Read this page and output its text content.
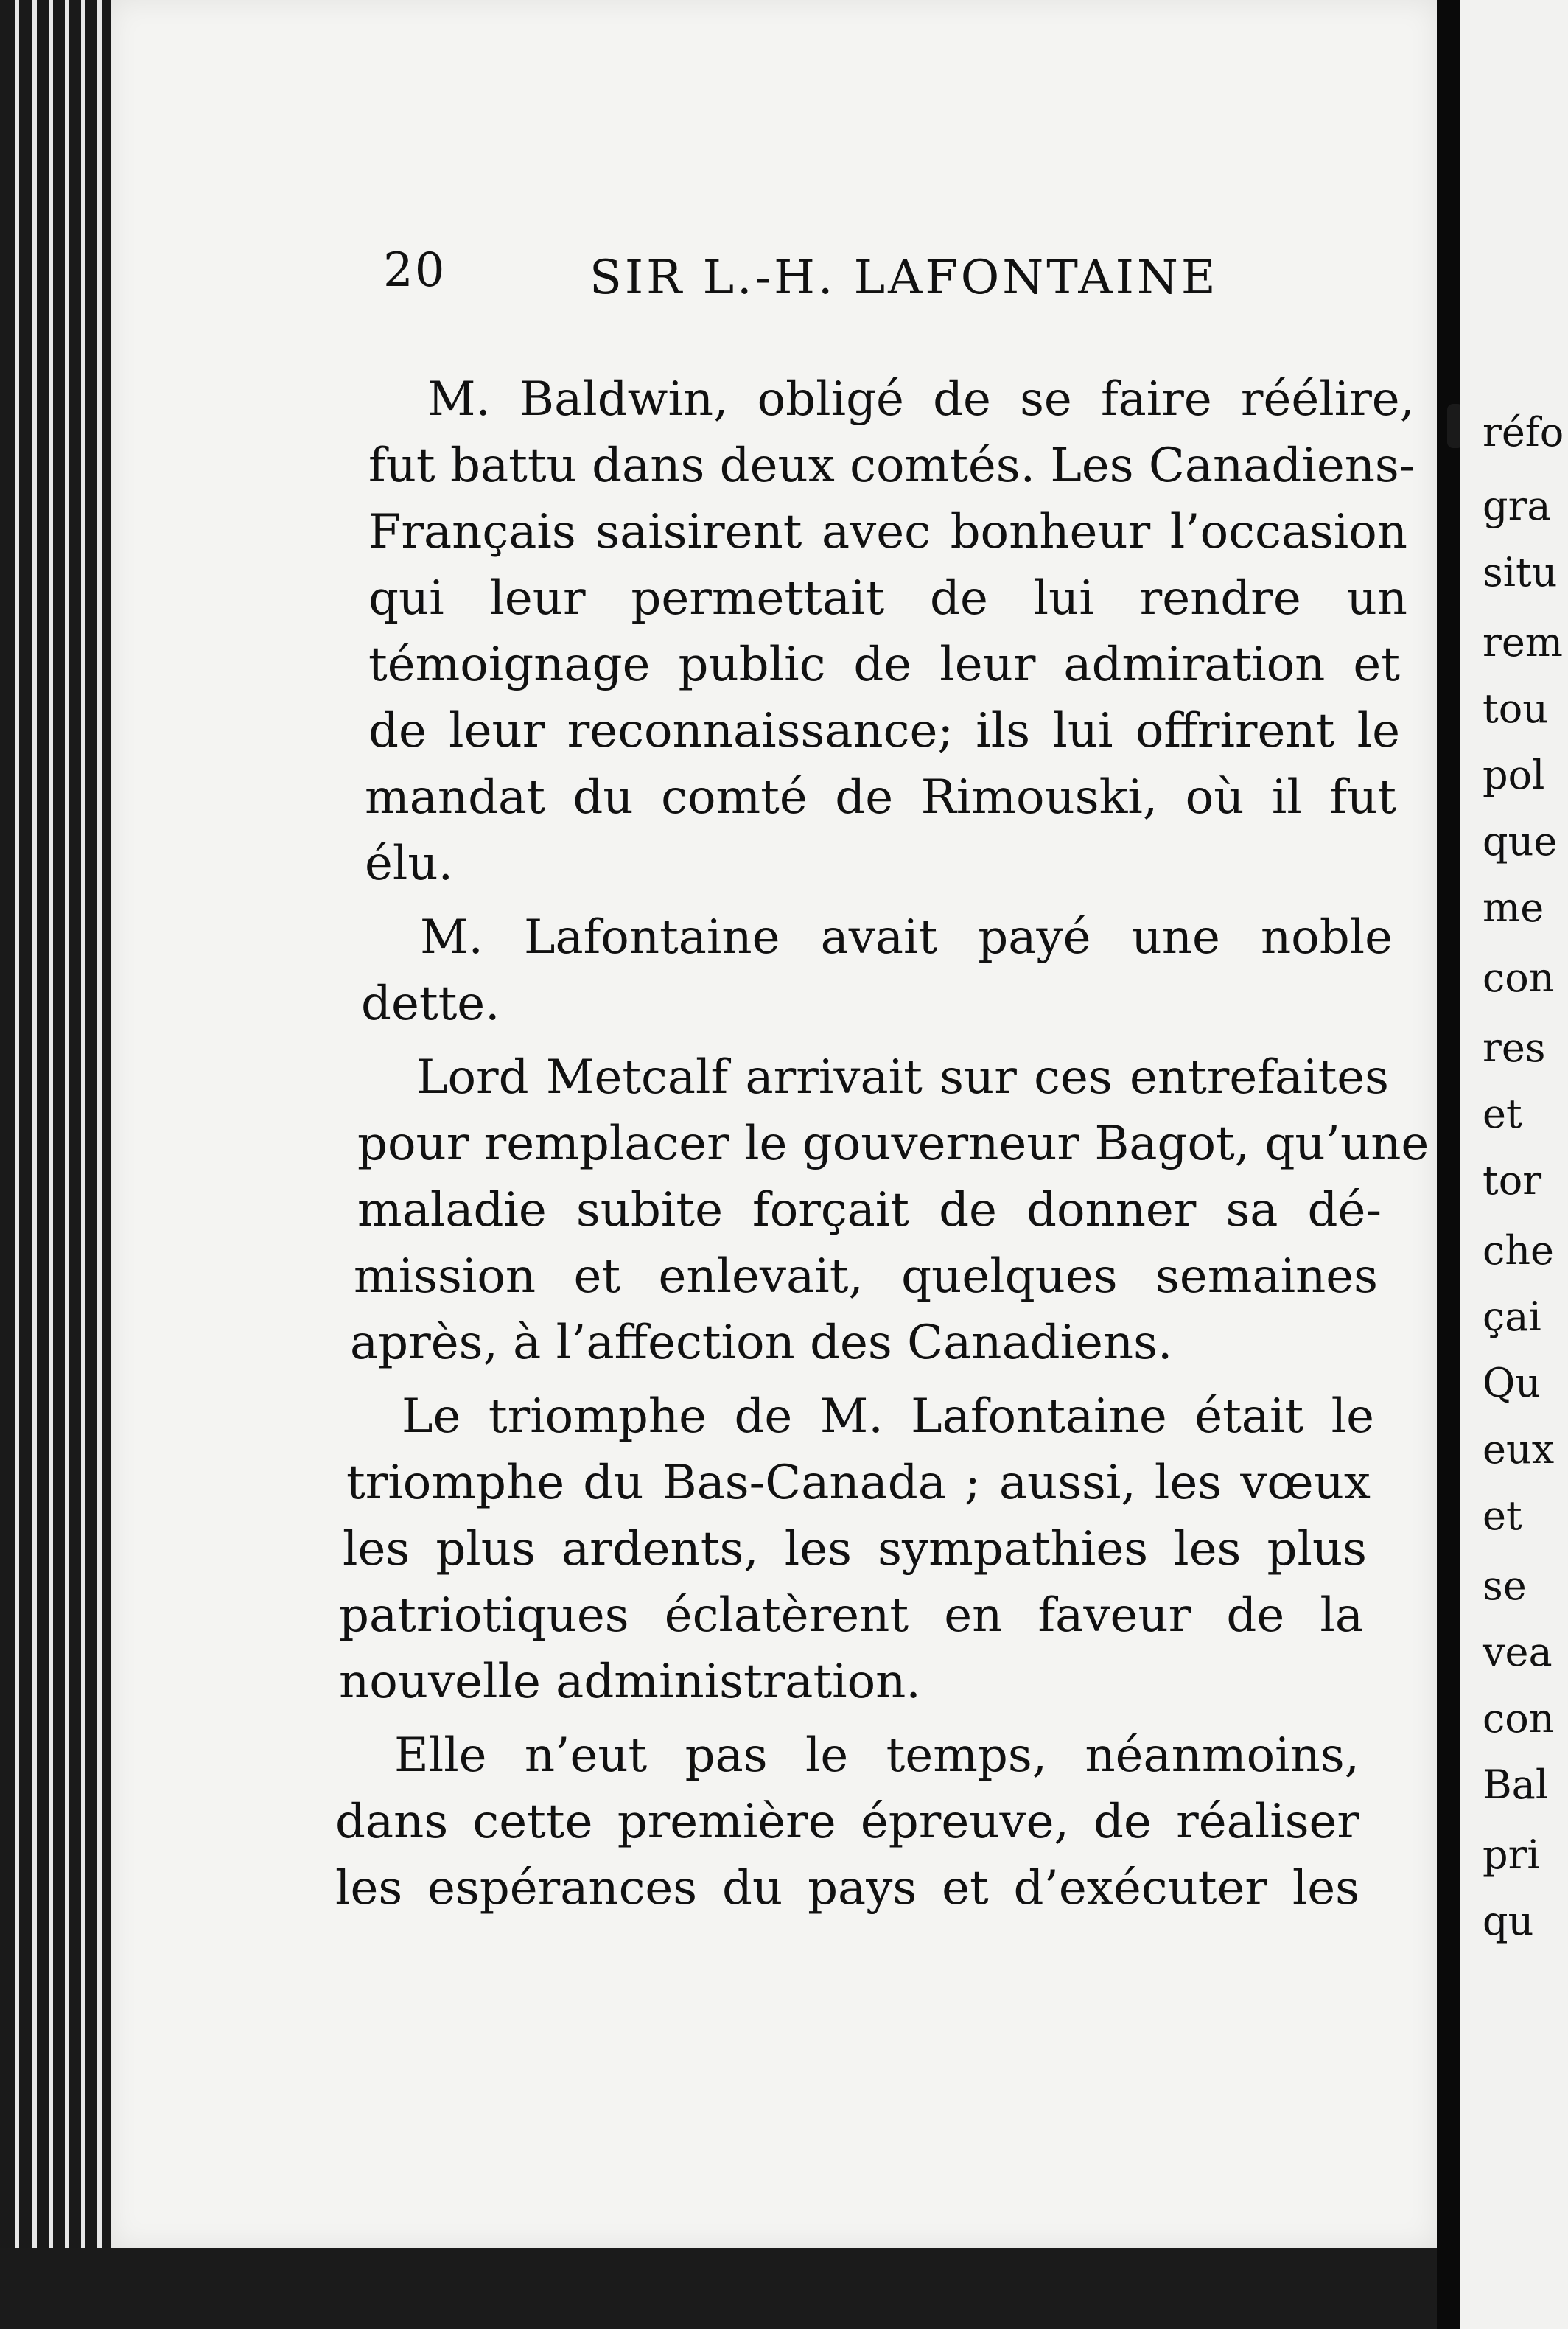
20	SIR L.-H. LAFONTAINE
M. Baldwin, obligé de se faire réélire,
fut battu dans deux comtés. Les Canadiens-
Français saisirent avec bonheur l’occasion
qui leur permettait de lui rendre un
témoignage public de leur admiration et
de leur reconnaissance; ils lui offrirent le
mandat du comté de Rimouski, où il fut
élu.
M. Lafontaine avait payé une noble
dette.
Lord Metcalf arrivait sur ces entrefaites
pour remplacer le gouverneur Bagot, qu’une
maladie subite forçait de donner sa dé-
mission et enlevait, quelques semaines
après, à l’affection des Canadiens.
Le triomphe de M. Lafontaine était le
triomphe du Bas-Canada ; aussi, les vœux
les plus ardents, les sympathies les plus
patriotiques éclatèrent en faveur de la
nouvelle administration.
Elle n’eut pas le temps, néanmoins,
dans cette première épreuve, de réaliser
les espérances du pays et d’exécuter les
réfo
gra
situ
rem
tou
pol
que
me
con
res
et
tor
che
çai
Qu
eux
et
se
vea
con
Bal
pri
qu
